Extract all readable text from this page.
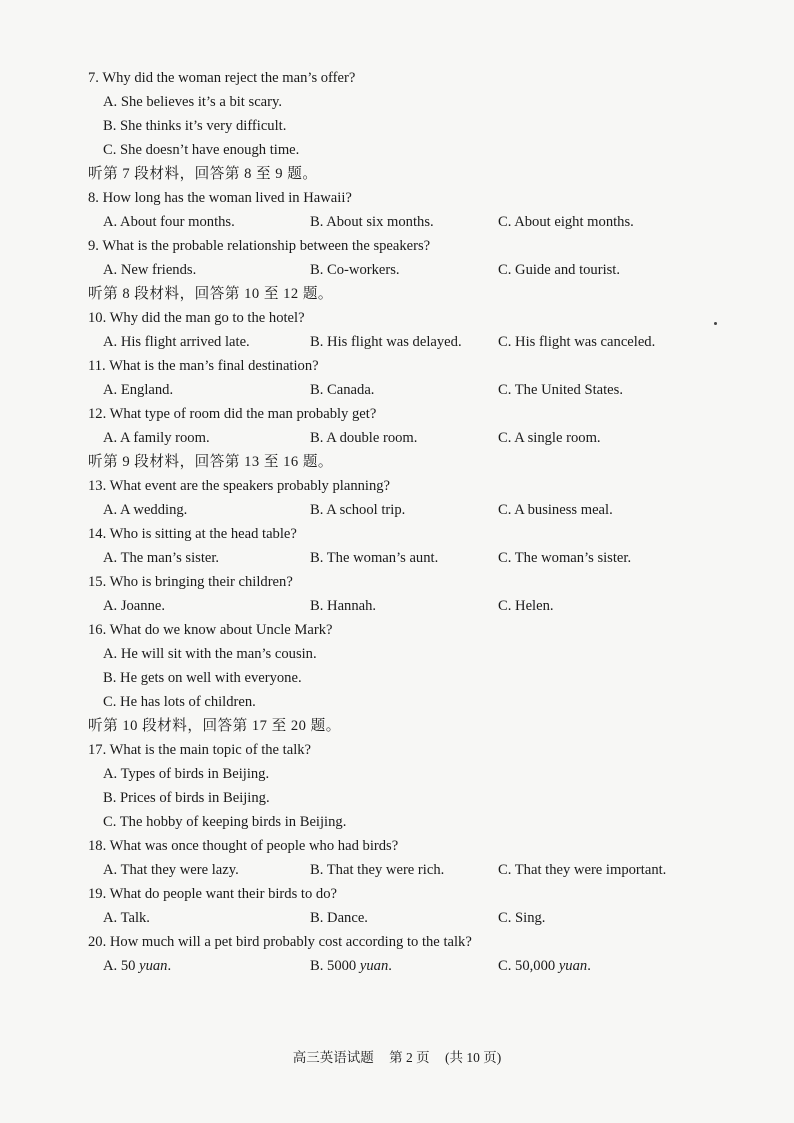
7. Why did the woman reject the man’s offer?
A. She believes it’s a bit scary.
B. She thinks it’s very difficult.
C. She doesn’t have enough time.
听第 7 段材料，回答第 8 至 9 题。
8. How long has the woman lived in Hawaii?
A. About four months.	B. About six months.	C. About eight months.
9. What is the probable relationship between the speakers?
A. New friends.	B. Co-workers.	C. Guide and tourist.
听第 8 段材料，回答第 10 至 12 题。
10. Why did the man go to the hotel?
A. His flight arrived late.	B. His flight was delayed. C. His flight was canceled.
11. What is the man’s final destination?
A. England.	B. Canada.	C. The United States.
12. What type of room did the man probably get?
A. A family room.	B. A double room.	C. A single room.
听第 9 段材料，回答第 13 至 16 题。
13. What event are the speakers probably planning?
A. A wedding.	B. A school trip.	C. A business meal.
14. Who is sitting at the head table?
A. The man’s sister.	B. The woman’s aunt.	C. The woman’s sister.
15. Who is bringing their children?
A. Joanne.	B. Hannah.	C. Helen.
16. What do we know about Uncle Mark?
A. He will sit with the man’s cousin.
B. He gets on well with everyone.
C. He has lots of children.
听第 10 段材料，回答第 17 至 20 题。
17. What is the main topic of the talk?
A. Types of birds in Beijing.
B. Prices of birds in Beijing.
C. The hobby of keeping birds in Beijing.
18. What was once thought of people who had birds?
A. That they were lazy.	B. That they were rich.	C. That they were important.
19. What do people want their birds to do?
A. Talk.	B. Dance.	C. Sing.
20. How much will a pet bird probably cost according to the talk?
A. 50 yuan.	B. 5000 yuan.	C. 50,000 yuan.
高三英语试题 第 2 页 (共 10 页)
